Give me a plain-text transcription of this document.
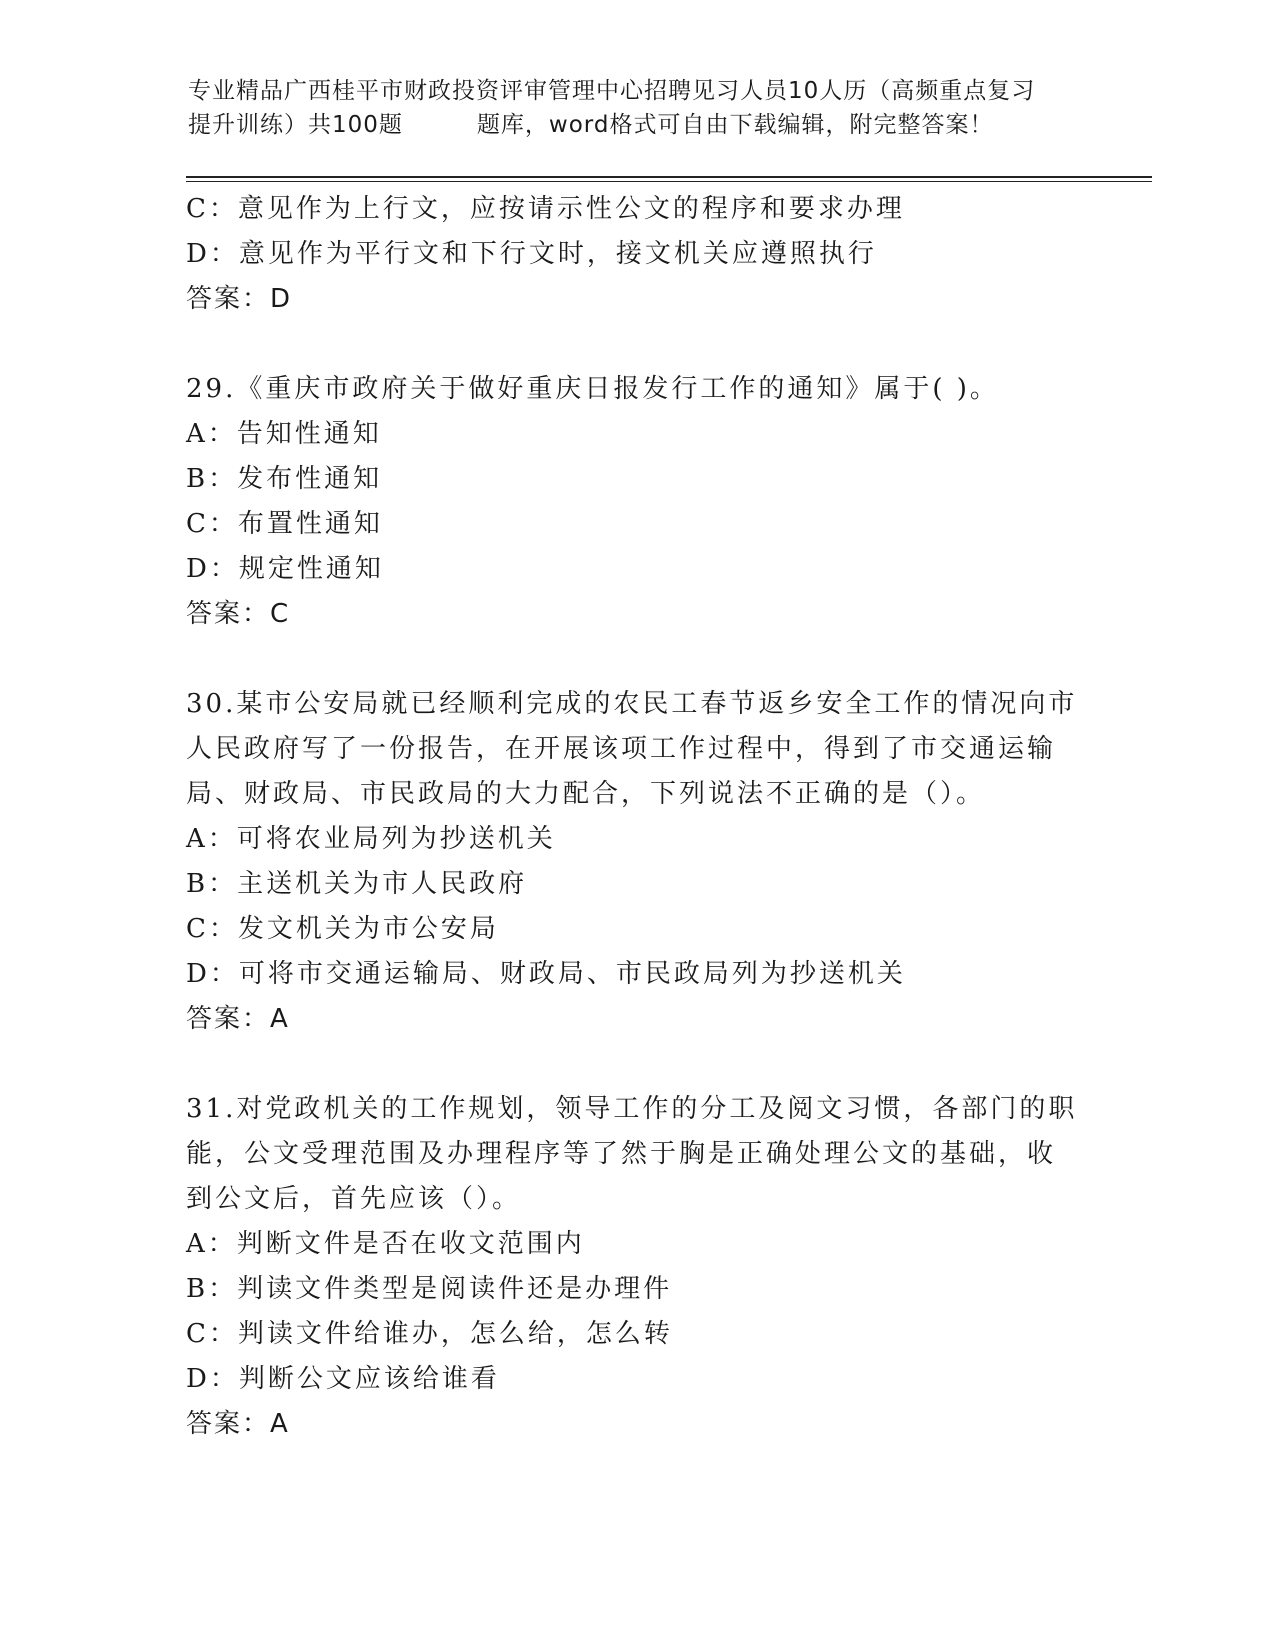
专业精品广西桂平市财政投资评审管理中心招聘见习人员10人历（高频重点复习
提升训练）共100题	题库，word格式可自由下载编辑，附完整答案！
C：意见作为上行文，应按请示性公文的程序和要求办理
D：意见作为平行文和下行文时，接文机关应遵照执行
答案：D
29.《重庆市政府关于做好重庆日报发行工作的通知》属于( )。
A：告知性通知
B：发布性通知
C：布置性通知
D：规定性通知
答案：C
30.某市公安局就已经顺利完成的农民工春节返乡安全工作的情况向市
人民政府写了一份报告，在开展该项工作过程中，得到了市交通运输
局、财政局、市民政局的大力配合，下列说法不正确的是（）。
A：可将农业局列为抄送机关
B：主送机关为市人民政府
C：发文机关为市公安局
D：可将市交通运输局、财政局、市民政局列为抄送机关
答案：A
31.对党政机关的工作规划，领导工作的分工及阅文习惯，各部门的职
能，公文受理范围及办理程序等了然于胸是正确处理公文的基础，收
到公文后，首先应该（）。
A：判断文件是否在收文范围内
B：判读文件类型是阅读件还是办理件
C：判读文件给谁办，怎么给，怎么转
D：判断公文应该给谁看
答案：A
